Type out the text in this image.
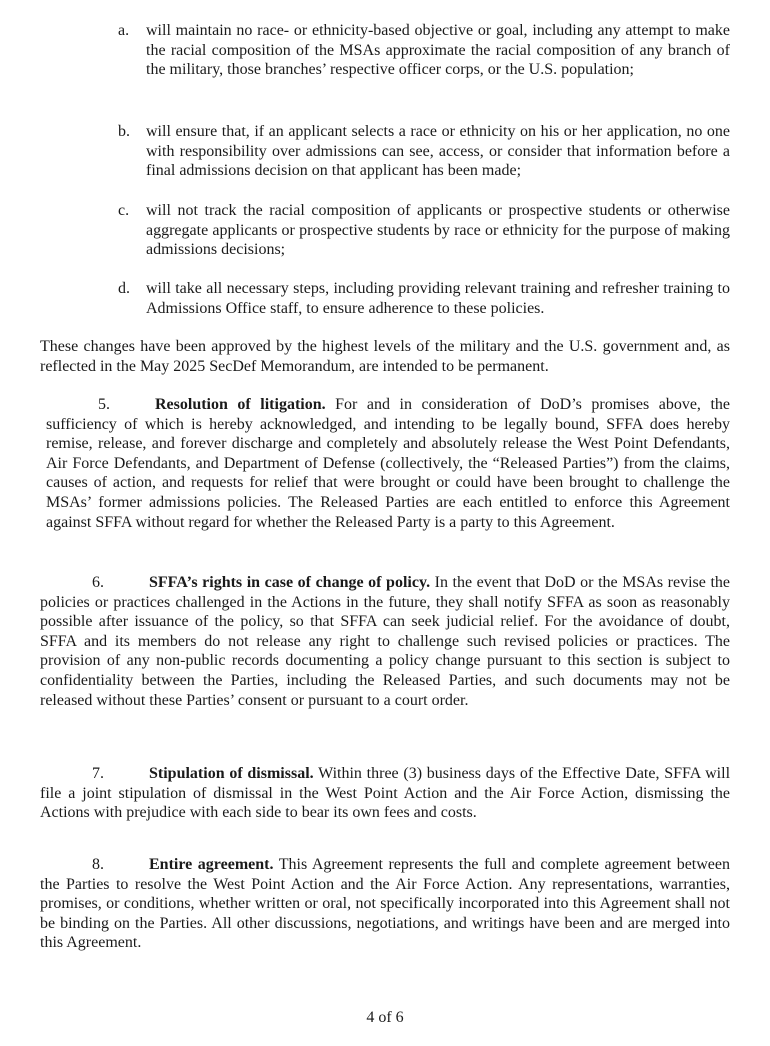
a.	will maintain no race- or ethnicity-based objective or goal, including any attempt to make the racial composition of the MSAs approximate the racial composition of any branch of the military, those branches’ respective officer corps, or the U.S. population;
b.	will ensure that, if an applicant selects a race or ethnicity on his or her application, no one with responsibility over admissions can see, access, or consider that information before a final admissions decision on that applicant has been made;
c.	will not track the racial composition of applicants or prospective students or otherwise aggregate applicants or prospective students by race or ethnicity for the purpose of making admissions decisions;
d.	will take all necessary steps, including providing relevant training and refresher training to Admissions Office staff, to ensure adherence to these policies.
These changes have been approved by the highest levels of the military and the U.S. government and, as reflected in the May 2025 SecDef Memorandum, are intended to be permanent.
5.	Resolution of litigation. For and in consideration of DoD’s promises above, the sufficiency of which is hereby acknowledged, and intending to be legally bound, SFFA does hereby remise, release, and forever discharge and completely and absolutely release the West Point Defendants, Air Force Defendants, and Department of Defense (collectively, the “Released Parties”) from the claims, causes of action, and requests for relief that were brought or could have been brought to challenge the MSAs’ former admissions policies. The Released Parties are each entitled to enforce this Agreement against SFFA without regard for whether the Released Party is a party to this Agreement.
6.	SFFA’s rights in case of change of policy. In the event that DoD or the MSAs revise the policies or practices challenged in the Actions in the future, they shall notify SFFA as soon as reasonably possible after issuance of the policy, so that SFFA can seek judicial relief. For the avoidance of doubt, SFFA and its members do not release any right to challenge such revised policies or practices. The provision of any non-public records documenting a policy change pursuant to this section is subject to confidentiality between the Parties, including the Released Parties, and such documents may not be released without these Parties’ consent or pursuant to a court order.
7.	Stipulation of dismissal. Within three (3) business days of the Effective Date, SFFA will file a joint stipulation of dismissal in the West Point Action and the Air Force Action, dismissing the Actions with prejudice with each side to bear its own fees and costs.
8.	Entire agreement. This Agreement represents the full and complete agreement between the Parties to resolve the West Point Action and the Air Force Action. Any representations, warranties, promises, or conditions, whether written or oral, not specifically incorporated into this Agreement shall not be binding on the Parties. All other discussions, negotiations, and writings have been and are merged into this Agreement.
4 of 6
